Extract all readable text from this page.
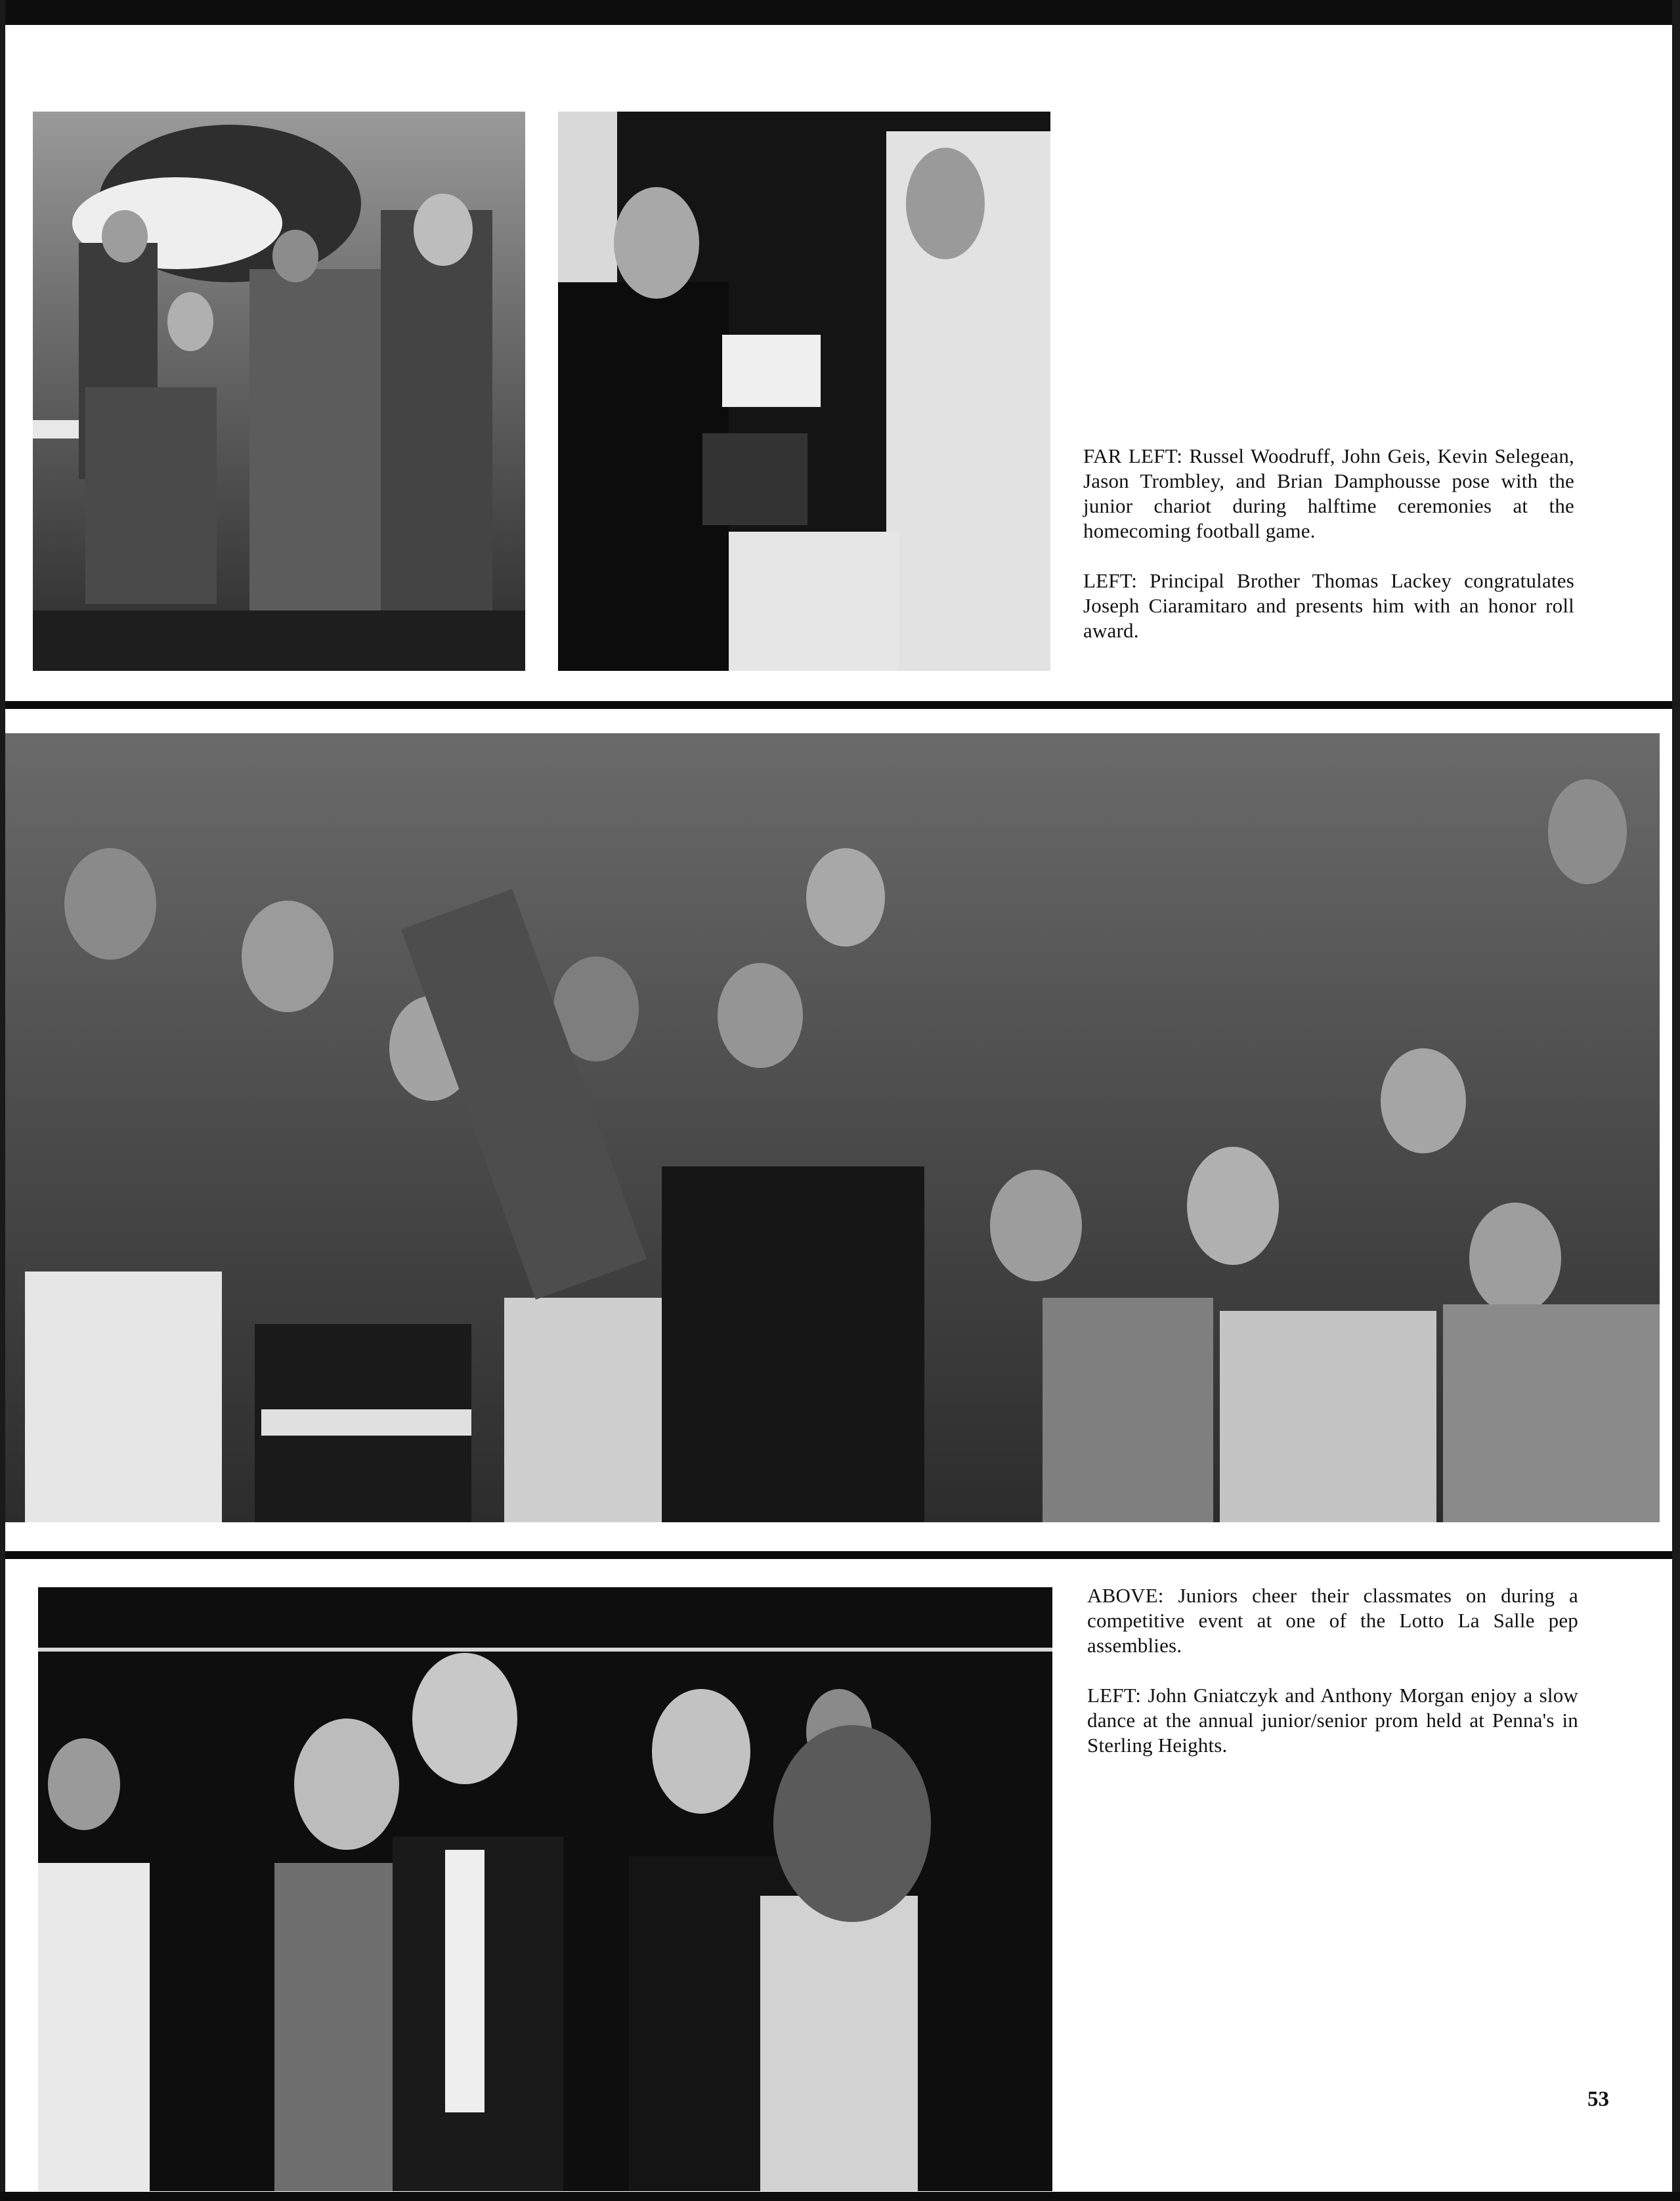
FAR LEFT: Russel Woodruff, John Geis, Kevin Selegean, Jason Trombley, and Brian Damphousse pose with the junior chariot during halftime ceremonies at the homecoming football game.

LEFT: Principal Brother Thomas Lackey congratulates Joseph Ciaramitaro and presents him with an honor roll award.

ABOVE: Juniors cheer their classmates on during a competitive event at one of the Lotto La Salle pep assemblies.

LEFT: John Gniatczyk and Anthony Morgan enjoy a slow dance at the annual junior/senior prom held at Penna's in Sterling Heights.

53
